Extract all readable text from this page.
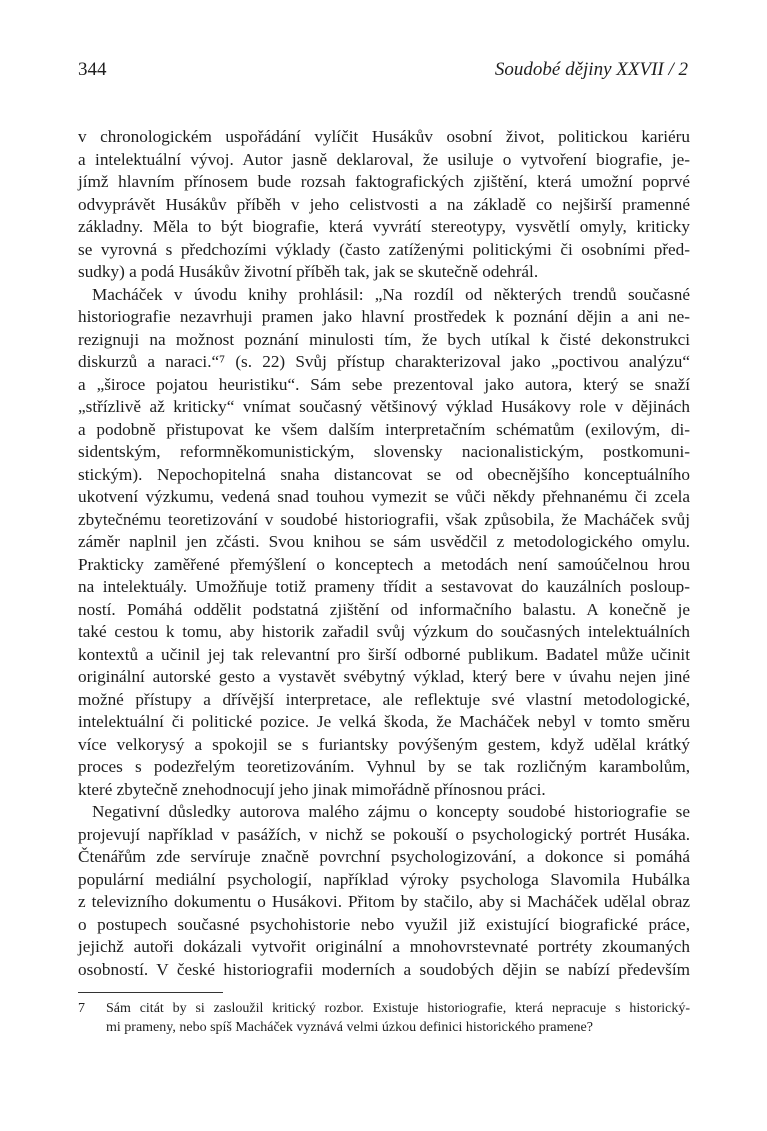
344	Soudobé dějiny XXVII / 2
v chronologickém uspořádání vylíčit Husákův osobní život, politickou kariéru
a intelektuální vývoj. Autor jasně deklaroval, že usiluje o vytvoření biografie, je-
jímž hlavním přínosem bude rozsah faktografických zjištění, která umožní poprvé
odvyprávět Husákův příběh v jeho celistvosti a na základě co nejširší pramenné
základny. Měla to být biografie, která vyvrátí stereotypy, vysvětlí omyly, kriticky
se vyrovná s předchozími výklady (často zatíženými politickými či osobními před-
sudky) a podá Husákův životní příběh tak, jak se skutečně odehrál.
Macháček v úvodu knihy prohlásil: „Na rozdíl od některých trendů současné
historiografie nezavrhuji pramen jako hlavní prostředek k poznání dějin a ani ne-
rezignuji na možnost poznání minulosti tím, že bych utíkal k čisté dekonstrukci
diskurzů a naraci.“⁷ (s. 22) Svůj přístup charakterizoval jako „poctivou analýzu“
a „široce pojatou heuristiku“. Sám sebe prezentoval jako autora, který se snaží
„střízlivě až kriticky“ vnímat současný většinový výklad Husákovy role v dějinách
a podobně přistupovat ke všem dalším interpretačním schématům (exilovým, di-
sidentským, reformněkomunistickým, slovensky nacionalistickým, postkomuni-
stickým). Nepochopitelná snaha distancovat se od obecnějšího konceptuálního
ukotvení výzkumu, vedená snad touhou vymezit se vůči někdy přehnanému či zcela
zbytečnému teoretizování v soudobé historiografii, však způsobila, že Macháček svůj
záměr naplnil jen zčásti. Svou knihou se sám usvědčil z metodologického omylu.
Prakticky zaměřené přemýšlení o konceptech a metodách není samoúčelnou hrou
na intelektuály. Umožňuje totiž prameny třídit a sestavovat do kauzálních posloup-
ností. Pomáhá oddělit podstatná zjištění od informačního balastu. A konečně je
také cestou k tomu, aby historik zařadil svůj výzkum do současných intelektuálních
kontextů a učinil jej tak relevantní pro širší odborné publikum. Badatel může učinit
originální autorské gesto a vystavět svébytný výklad, který bere v úvahu nejen jiné
možné přístupy a dřívější interpretace, ale reflektuje své vlastní metodologické,
intelektuální či politické pozice. Je velká škoda, že Macháček nebyl v tomto směru
více velkorysý a spokojil se s furiantsky povýšeným gestem, když udělal krátký
proces s podezřelým teoretizováním. Vyhnul by se tak rozličným karambolům,
které zbytečně znehodnocují jeho jinak mimořádně přínosnou práci.
Negativní důsledky autorova malého zájmu o koncepty soudobé historiografie se
projevují například v pasážích, v nichž se pokouší o psychologický portrét Husáka.
Čtenářům zde servíruje značně povrchní psychologizování, a dokonce si pomáhá
populární mediální psychologií, například výroky psychologa Slavomila Hubálka
z televizního dokumentu o Husákovi. Přitom by stačilo, aby si Macháček udělal obraz
o postupech současné psychohistorie nebo využil již existující biografické práce,
jejichž autoři dokázali vytvořit originální a mnohovrstevnaté portréty zkoumaných
osobností. V české historiografii moderních a soudobých dějin se nabízí především
7 Sám citát by si zasloužil kritický rozbor. Existuje historiografie, která nepracuje s historický-
mi prameny, nebo spíš Macháček vyznává velmi úzkou definici historického pramene?
